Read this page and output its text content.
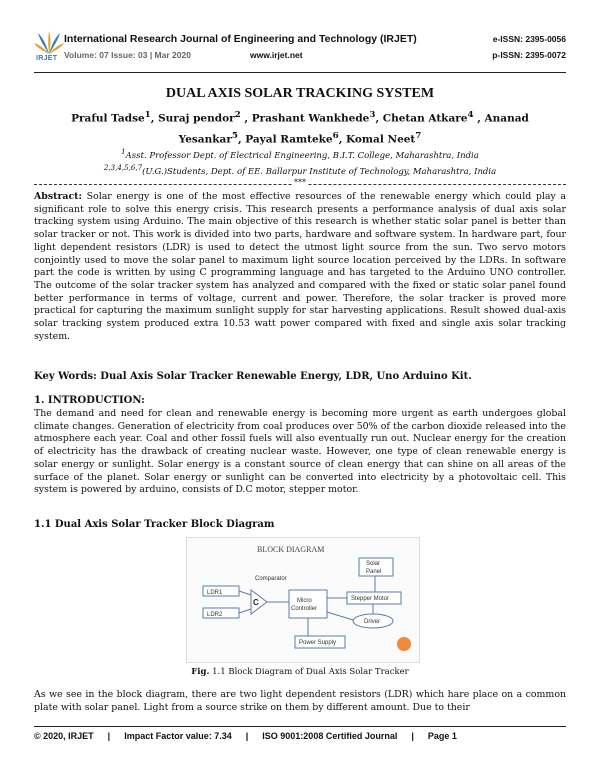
IRJET
International Research Journal of Engineering and Technology (IRJET)
Volume: 07 Issue: 03 | Mar 2020	www.irjet.net
e-ISSN: 2395-0056
p-ISSN: 2395-0072
DUAL AXIS SOLAR TRACKING SYSTEM
Praful Tadse$^1$, Suraj pendor$^2$ , Prashant Wankhede$^3$, Chetan Atkare$^4$ , Ananad Yesankar$^5$, Payal Ramteke$^6$, Komal Neet$^7$
$^1$Asst. Professor Dept. of Electrical Engineering, B.I.T. College, Maharashtra, India
$^{2,3,4,5,6,7}$(U.G.)Students, Dept. of EE. Ballarpur Institute of Technology, Maharashtra, India
***

Abstract: Solar energy is one of the most effective resources of the renewable energy which could play a significant role to solve this energy crisis. This research presents a performance analysis of dual axis solar tracking system using Arduino. The main objective of this research is whether static solar panel is better than solar tracker or not. This work is divided into two parts, hardware and software system. In hardware part, four light dependent resistors (LDR) is used to detect the utmost light source from the sun. Two servo motors conjointly used to move the solar panel to maximum light source location perceived by the LDRs. In software part the code is written by using C programming language and has targeted to the Arduino UNO controller. The outcome of the solar tracker system has analyzed and compared with the fixed or static solar panel found better performance in terms of voltage, current and power. Therefore, the solar tracker is proved more practical for capturing the maximum sunlight supply for star harvesting applications. Result showed dual-axis solar tracking system produced extra 10.53 watt power compared with fixed and single axis solar tracking system.

Key Words: Dual Axis Solar Tracker Renewable Energy, LDR, Uno Arduino Kit.
1. INTRODUCTION:

The demand and need for clean and renewable energy is becoming more urgent as earth undergoes global climate changes. Generation of electricity from coal produces over 50% of the carbon dioxide released into the atmosphere each year. Coal and other fossil fuels will also eventually run out. Nuclear energy for the creation of electricity has the drawback of creating nuclear waste. However, one type of clean renewable energy is solar energy or sunlight. Solar energy is a constant source of clean energy that can shine on all areas of the surface of the planet. Solar energy or sunlight can be converted into electricity by a photovoltaic cell. This system is powered by arduino, consists of D.C motor, stepper motor.

1.1 Dual Axis Solar Tracker Block Diagram
BLOCK DIAGRAM
LDR1
LDR2
Comparator
C	Micro
Controller
Solar
Panel
Stepper Motor
Driver
Power Supply
Fig. 1.1 Block Diagram of Dual Axis Solar Tracker

As we see in the block diagram, there are two light dependent resistors (LDR) which hare place on a common plate with solar panel. Light from a source strike on them by different amount. Due to their

© 2020, IRJET | Impact Factor value: 7.34 | ISO 9001:2008 Certified Journal | Page 1
